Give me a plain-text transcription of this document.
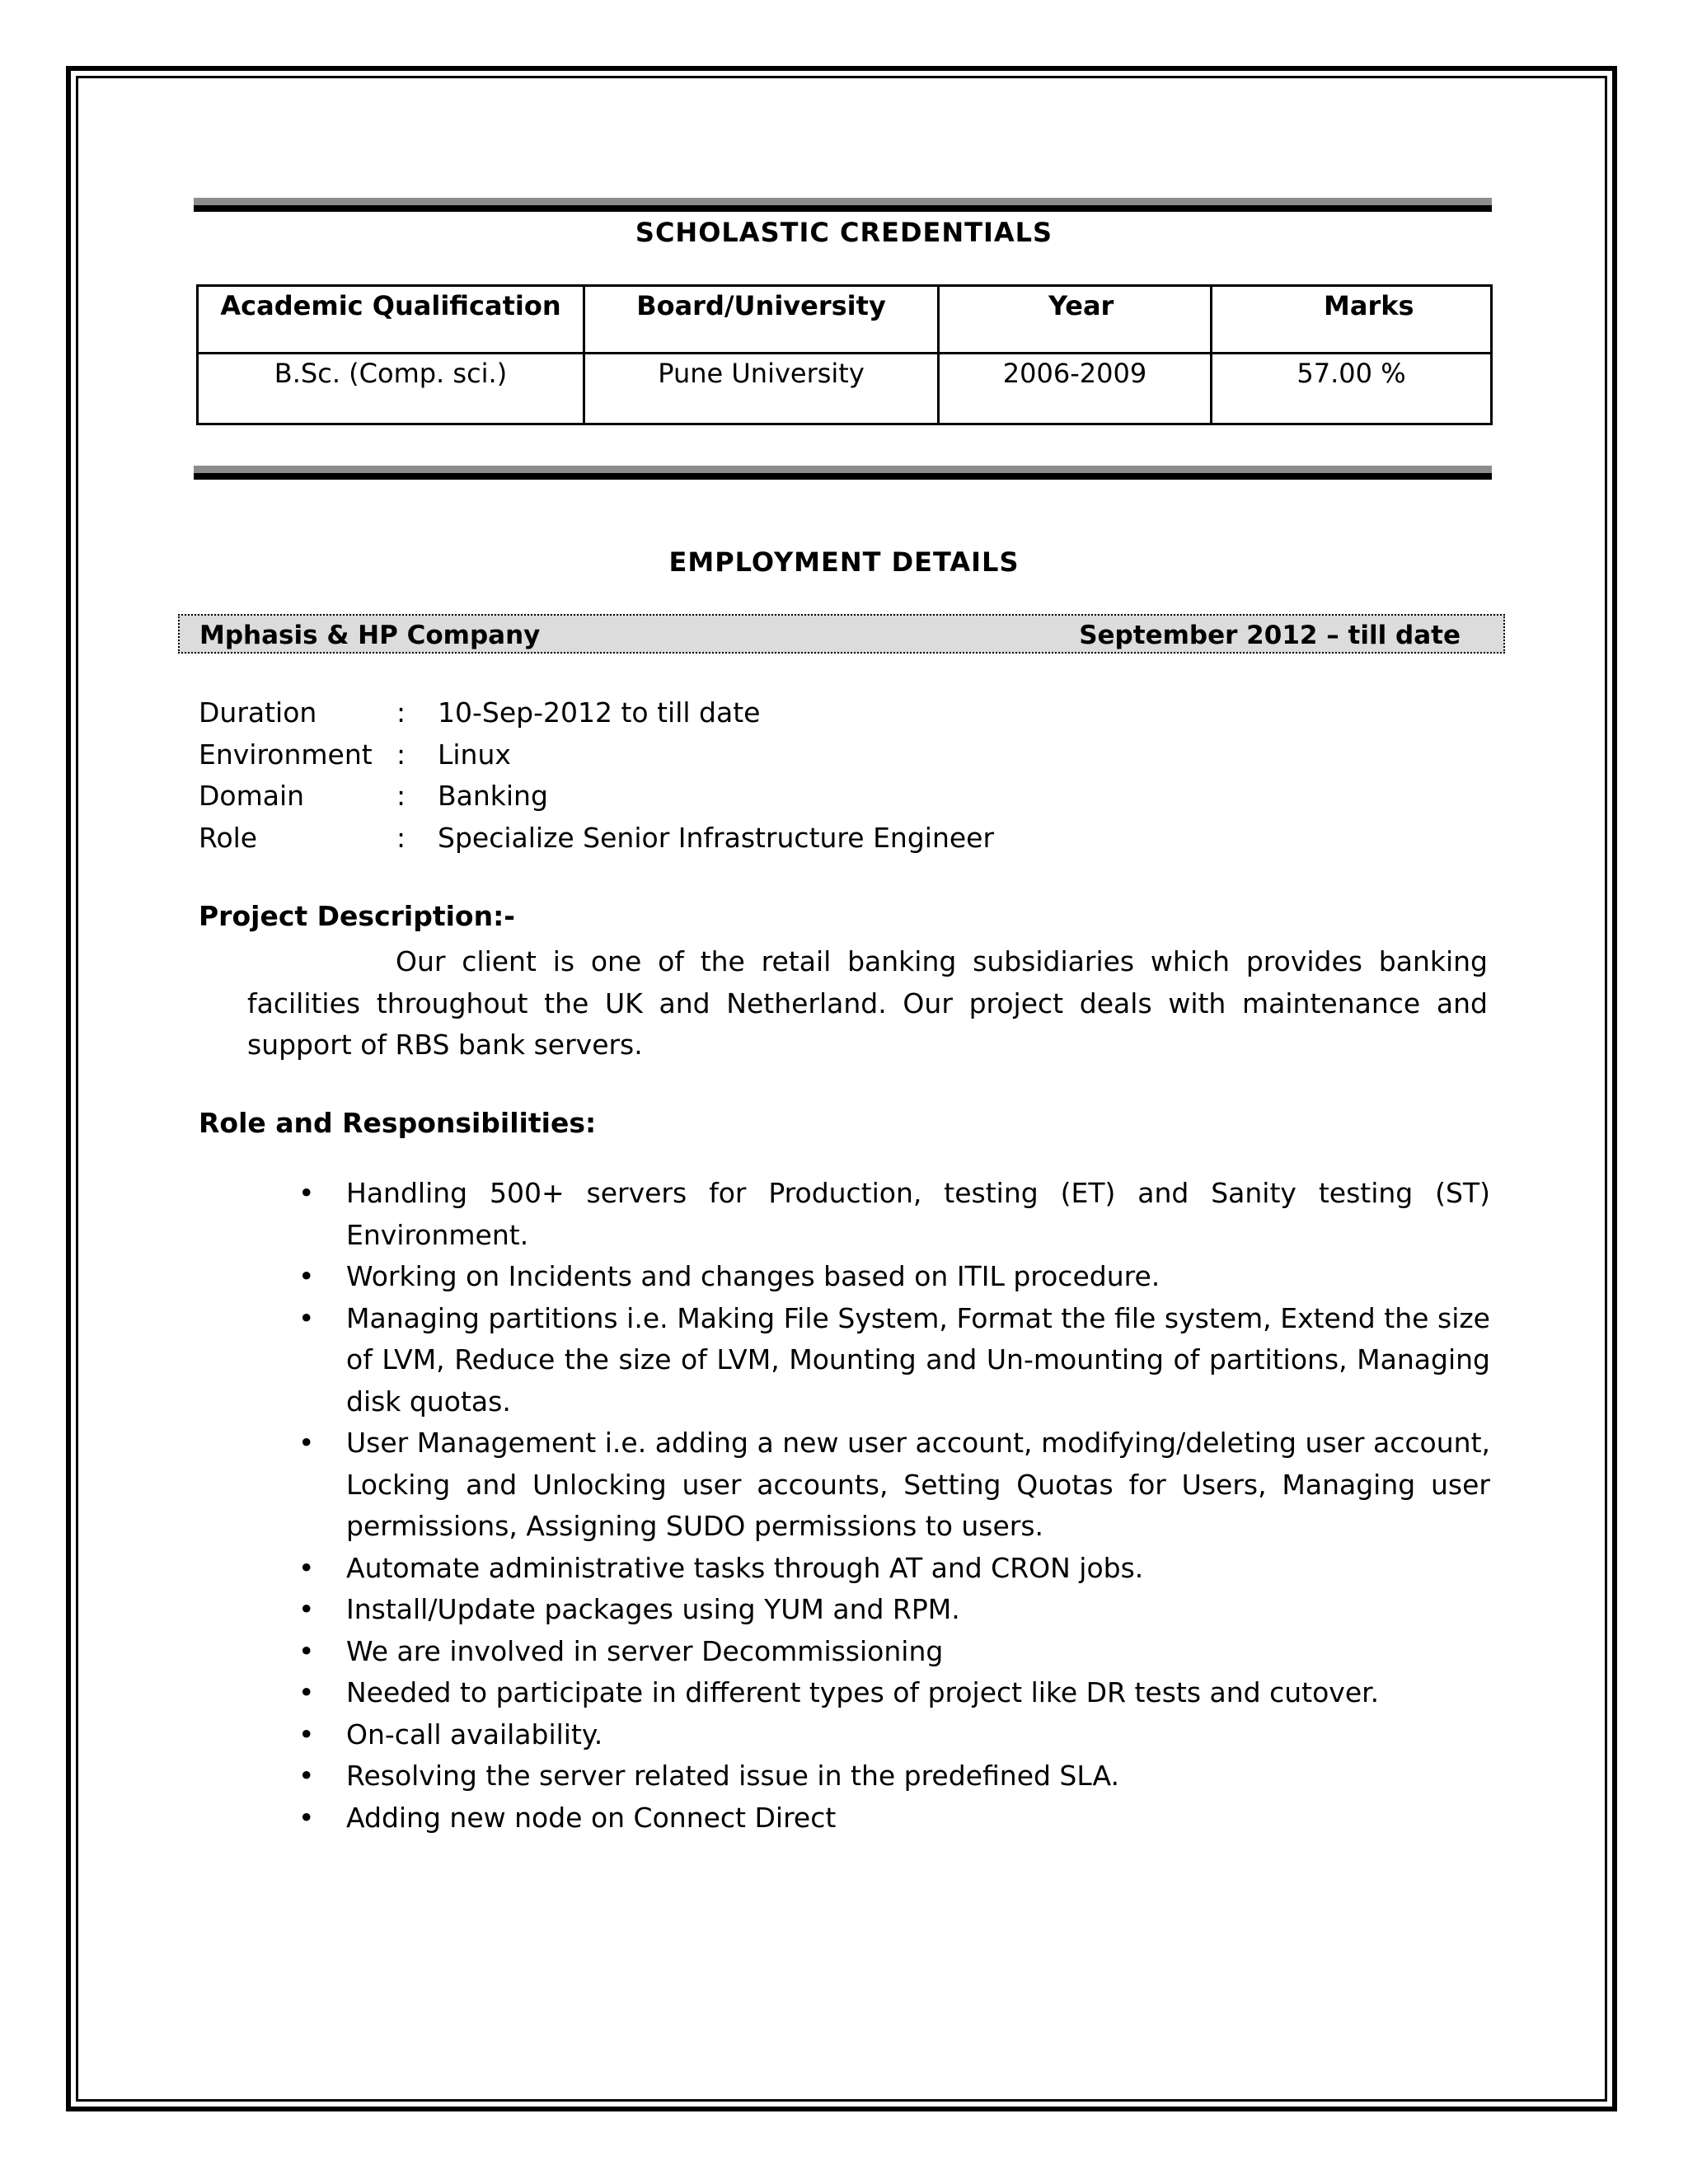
SCHOLASTIC CREDENTIALS
Academic Qualification	Board/University	Year	Marks
B.Sc. (Comp. sci.)	Pune University	2006-2009	57.00 %
EMPLOYMENT DETAILS
Mphasis & HP Company	September 2012 – till date
Duration	: 10-Sep-2012 to till date
Environment : Linux
Domain	: Banking
Role	: Specialize Senior Infrastructure Engineer
Project Description:-
Our client is one of the retail banking subsidiaries which provides banking facilities throughout the UK and Netherland. Our project deals with maintenance and support of RBS bank servers.
Role and Responsibilities:
• Handling 500+ servers for Production, testing (ET) and Sanity testing (ST) Environment.
• Working on Incidents and changes based on ITIL procedure.
• Managing partitions i.e. Making File System, Format the file system, Extend the size of LVM, Reduce the size of LVM, Mounting and Un-mounting of partitions, Managing disk quotas.
• User Management i.e. adding a new user account, modifying/deleting user account, Locking and Unlocking user accounts, Setting Quotas for Users, Managing user permissions, Assigning SUDO permissions to users.
• Automate administrative tasks through AT and CRON jobs.
• Install/Update packages using YUM and RPM.
• We are involved in server Decommissioning
• Needed to participate in different types of project like DR tests and cutover.
• On-call availability.
• Resolving the server related issue in the predefined SLA.
• Adding new node on Connect Direct
